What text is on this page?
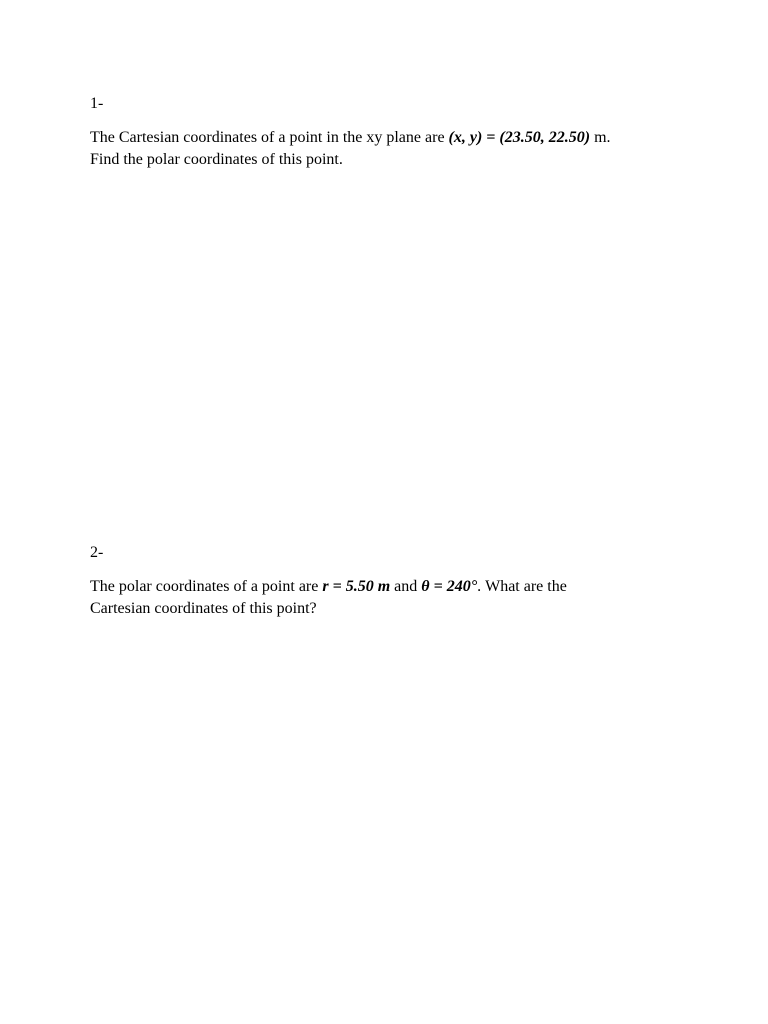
1-

The Cartesian coordinates of a point in the xy plane are (x, y) = (23.50, 22.50) m.
Find the polar coordinates of this point.

2-

The polar coordinates of a point are r = 5.50 m and θ = 240°. What are the
Cartesian coordinates of this point?
